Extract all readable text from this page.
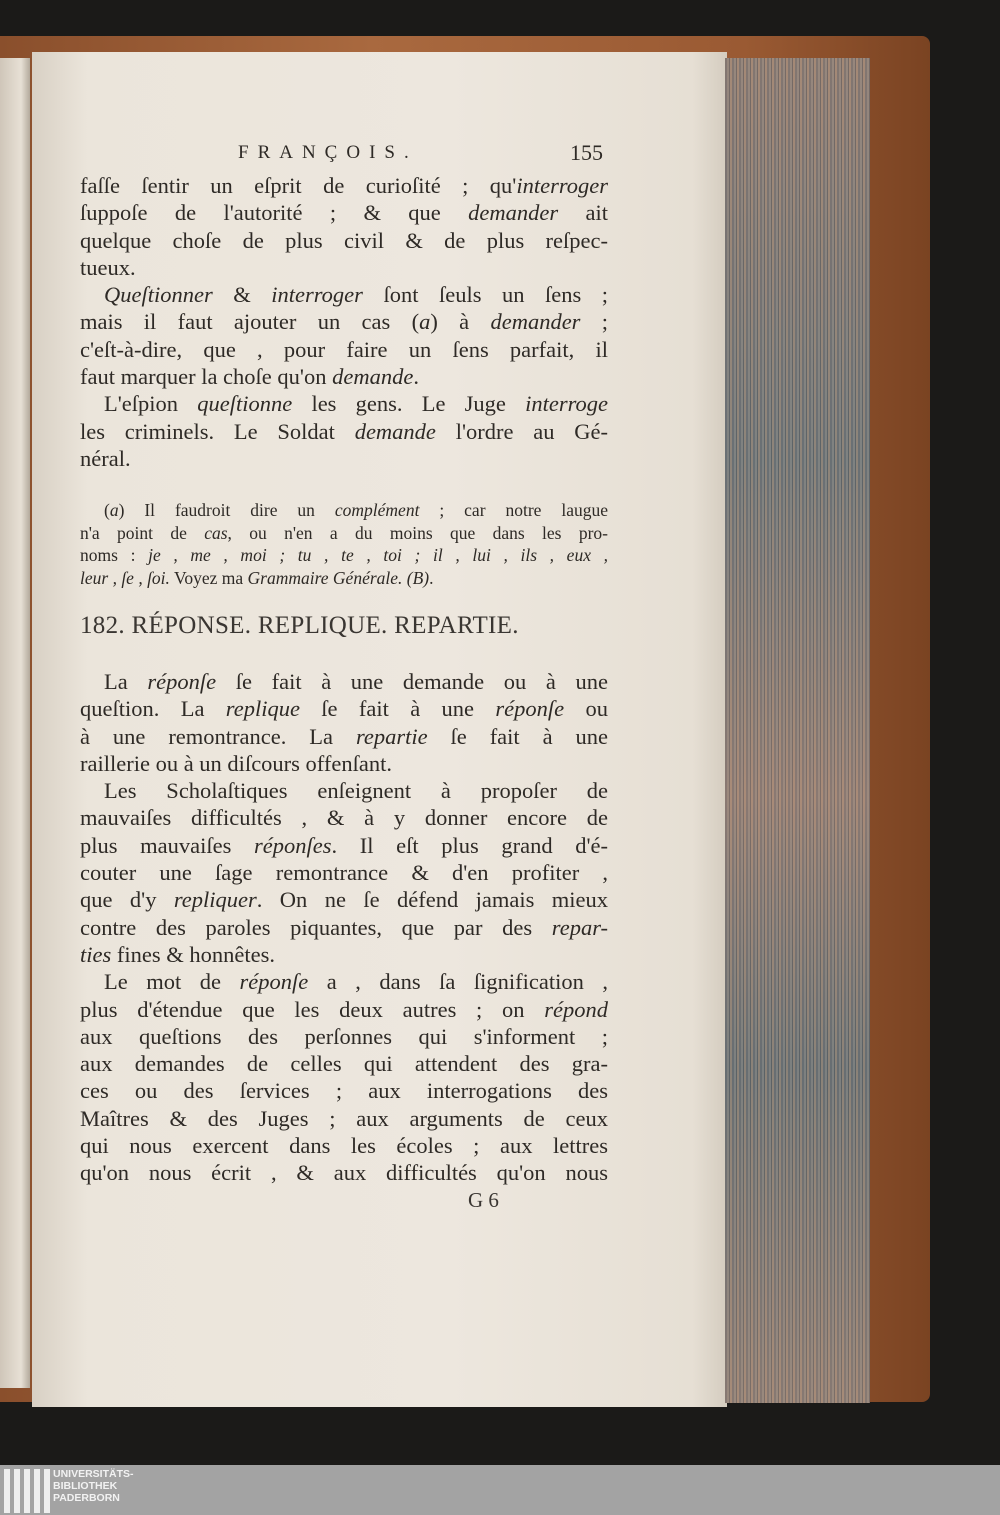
FRANÇOIS.	155
faſſe ſentir un eſprit de curioſité ; qu'interroger
ſuppoſe de l'autorité ; & que demander ait
quelque choſe de plus civil & de plus reſpec-
tueux.
Queſtionner & interroger ſont ſeuls un ſens ;
mais il faut ajouter un cas (a) à demander ;
c'eſt-à-dire, que , pour faire un ſens parfait, il
faut marquer la choſe qu'on demande.
L'eſpion queſtionne les gens. Le Juge interroge
les criminels. Le Soldat demande l'ordre au Gé-
néral.
(a) Il faudroit dire un complément ; car notre laugue
n'a point de cas, ou n'en a du moins que dans les pro-
noms : je , me , moi ; tu , te , toi ; il , lui , ils , eux ,
leur , ſe , ſoi. Voyez ma Grammaire Générale. (B).
182. RÉPONSE. REPLIQUE. REPARTIE.
La réponſe ſe fait à une demande ou à une
queſtion. La replique ſe fait à une réponſe ou
à une remontrance. La repartie ſe fait à une
raillerie ou à un diſcours offenſant.
Les Scholaſtiques enſeignent à propoſer de
mauvaiſes difficultés , & à y donner encore de
plus mauvaiſes réponſes. Il eſt plus grand d'é-
couter une ſage remontrance & d'en profiter ,
que d'y repliquer. On ne ſe défend jamais mieux
contre des paroles piquantes, que par des repar-
ties fines & honnêtes.
Le mot de réponſe a , dans ſa ſignification ,
plus d'étendue que les deux autres ; on répond
aux queſtions des perſonnes qui s'informent ;
aux demandes de celles qui attendent des gra-
ces ou des ſervices ; aux interrogations des
Maîtres & des Juges ; aux arguments de ceux
qui nous exercent dans les écoles ; aux lettres
qu'on nous écrit , & aux difficultés qu'on nous
G 6
UNIVERSITÄTS-
BIBLIOTHEK
PADERBORN
